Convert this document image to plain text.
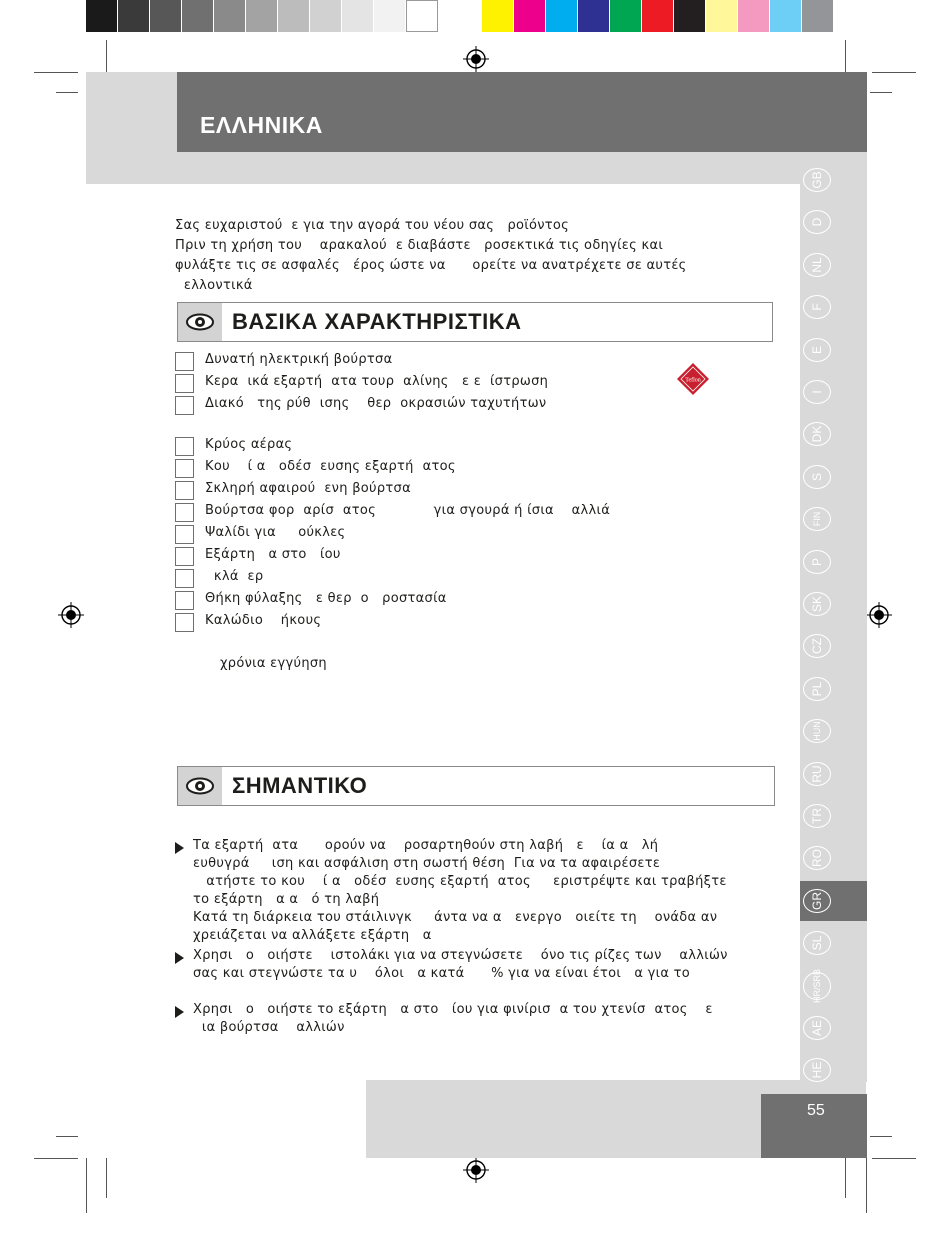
ΕΛΛΗΝΙΚΑ
55
GB
D
NL
F
E
I
DK
S
FIN
P
SK
CZ
PL
HUN
RU
TR
RO
GR
SL
HR/SRB
AE
HE
Σας ευχαριστού  ε για την αγορά του νέου σας   ροϊόντος
Πριν τη χρήση του    αρακαλού  ε διαβάστε   ροσεκτικά τις οδηγίες και
φυλάξτε τις σε ασφαλές   έρος ώστε να      ορείτε να ανατρέχετε σε αυτές
ελλοντικά
ΒΑΣΙΚΑ ΧΑΡΑΚΤΗΡΙΣΤΙΚΑ
Teflon
Δυνατή ηλεκτρική βούρτσα
Κερα  ικά εξαρτή  ατα τουρ  αλίνης   ε ε  ίστρωση
Διακό   της ρύθ  ισης    θερ  οκρασιών ταχυτήτων
Κρύος αέρας
Κου    ί α   οδέσ  ευσης εξαρτή  ατος
Σκληρή αφαιρού  ενη βούρτσα
Βούρτσα φορ  αρίσ  ατος             για σγουρά ή ίσια    αλλιά
Ψαλίδι για     ούκλες
Εξάρτη   α στο   ίου
κλά  ερ
Θήκη φύλαξης   ε θερ  ο   ροστασία
Καλώδιο    ήκους
χρόνια εγγύηση
ΣΗΜΑΝΤΙΚΟ
Τα εξαρτή  ατα      ορούν να    ροσαρτηθούν στη λαβή   ε    ία α   λή
ευθυγρά     ιση και ασφάλιση στη σωστή θέση  Για να τα αφαιρέσετε
ατήστε το κου    ί α   οδέσ  ευσης εξαρτή  ατος     εριστρέψτε και τραβήξτε
το εξάρτη   α α   ό τη λαβή
Κατά τη διάρκεια του στάιλινγκ     άντα να α   ενεργο   οιείτε τη    ονάδα αν
χρειάζεται να αλλάξετε εξάρτη   α
Χρησι   ο   οιήστε    ιστολάκι για να στεγνώσετε    όνο τις ρίζες των    αλλιών
σας και στεγνώστε τα υ    όλοι   α κατά      % για να είναι έτοι   α για το
Χρησι   ο   οιήστε το εξάρτη   α στο   ίου για φινίρισ  α του χτενίσ  ατος    ε
ια βούρτσα    αλλιών
